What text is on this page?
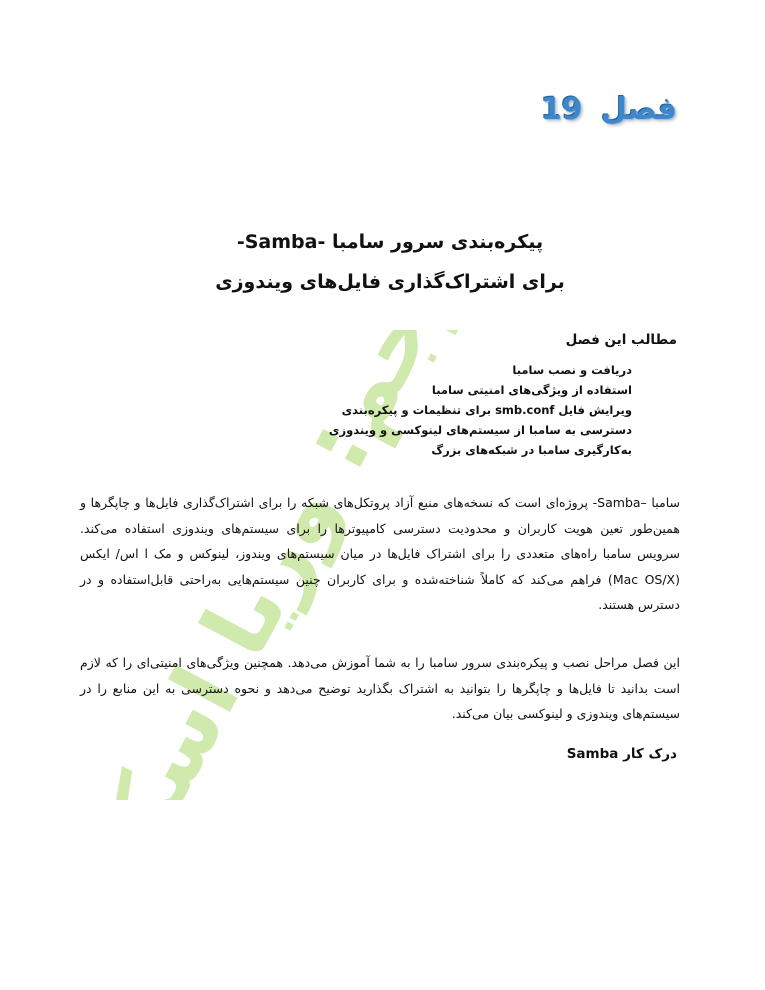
وریا
فصل 19
پیکره‌بندی سرور سامبا -Samba-
برای اشتراک‌گذاری فایل‌های ویندوزی
مطالب این فصل
دریافت و نصب سامبا
استفاده از ویژگی‌های امنیتی سامبا
ویرایش فایل smb.conf برای تنظیمات و پیکره‌بندی
دسترسی به سامبا از سیستم‌های لینوکسی و ویندوزی
به‌کارگیری سامبا در شبکه‌های بزرگ

سامبا –Samba- پروژه‌ای است که نسخه‌های منبع آزاد پروتکل‌های شبکه را برای اشتراک‌گذاری فایل‌ها و چاپگرها و همین‌طور تعین هویت کاربران و محدودیت دسترسی کامپیوترها را برای سیستم‌های ویندوزی استفاده می‌کند. سرویس سامبا راه‌های متعددی را برای اشتراک فایل‌ها در میان سیستم‌های ویندوز، لینوکس و مک ا اس/ ایکس (Mac OS/X) فراهم می‌کند که کاملاً شناخته‌شده و برای کاربران چنین سیستم‌هایی به‌راحتی قابل‌استفاده و در دسترس هستند.

این فصل مراحل نصب و پیکره‌بندی سرور سامبا را به شما آموزش می‌دهد. همچنین ویژگی‌های امنیتی‌ای را که لازم است بدانید تا فایل‌ها و چاپگرها را بتوانید به اشتراک بگذارید توضیح می‌دهد و نحوه دسترسی به این منابع را در سیستم‌های ویندوزی و لینوکسی بیان می‌کند.

درک کار Samba
